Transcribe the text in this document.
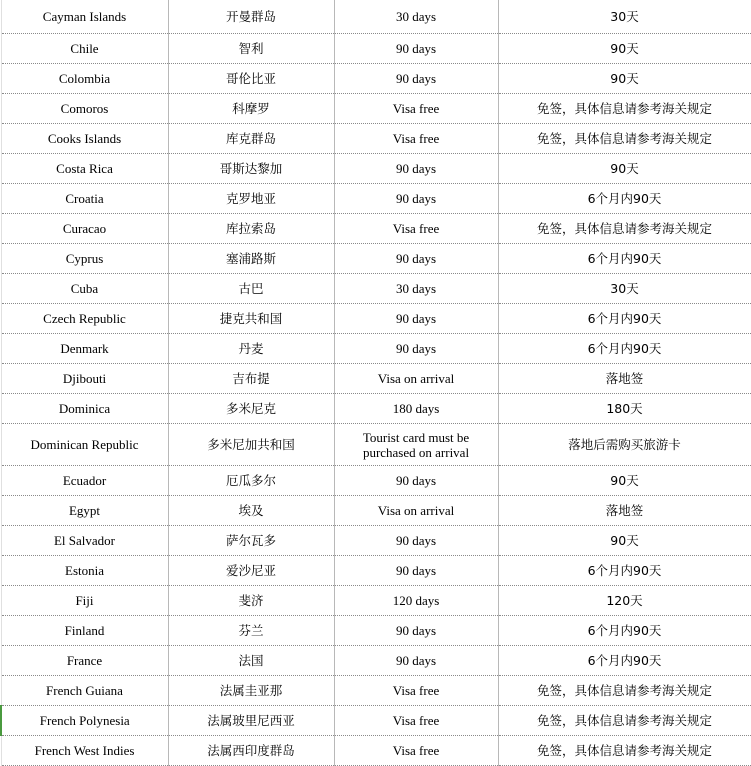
Cayman Islands	开曼群岛	30 days	30天
Chile	智利	90 days	90天
Colombia	哥伦比亚	90 days	90天
Comoros	科摩罗	Visa free	免签，具体信息请参考海关规定
Cooks Islands	库克群岛	Visa free	免签，具体信息请参考海关规定
Costa Rica	哥斯达黎加	90 days	90天
Croatia	克罗地亚	90 days	6个月内90天
Curacao	库拉索岛	Visa free	免签，具体信息请参考海关规定
Cyprus	塞浦路斯	90 days	6个月内90天
Cuba	古巴	30 days	30天
Czech Republic	捷克共和国	90 days	6个月内90天
Denmark	丹麦	90 days	6个月内90天
Djibouti	吉布提	Visa on arrival	落地签
Dominica	多米尼克	180 days	180天
Dominican Republic	多米尼加共和国	Tourist card must be purchased on arrival	落地后需购买旅游卡
Ecuador	厄瓜多尔	90 days	90天
Egypt	埃及	Visa on arrival	落地签
El Salvador	萨尔瓦多	90 days	90天
Estonia	爱沙尼亚	90 days	6个月内90天
Fiji	斐济	120 days	120天
Finland	芬兰	90 days	6个月内90天
France	法国	90 days	6个月内90天
French Guiana	法属圭亚那	Visa free	免签，具体信息请参考海关规定
French Polynesia	法属玻里尼西亚	Visa free	免签，具体信息请参考海关规定
French West Indies	法属西印度群岛	Visa free	免签，具体信息请参考海关规定
